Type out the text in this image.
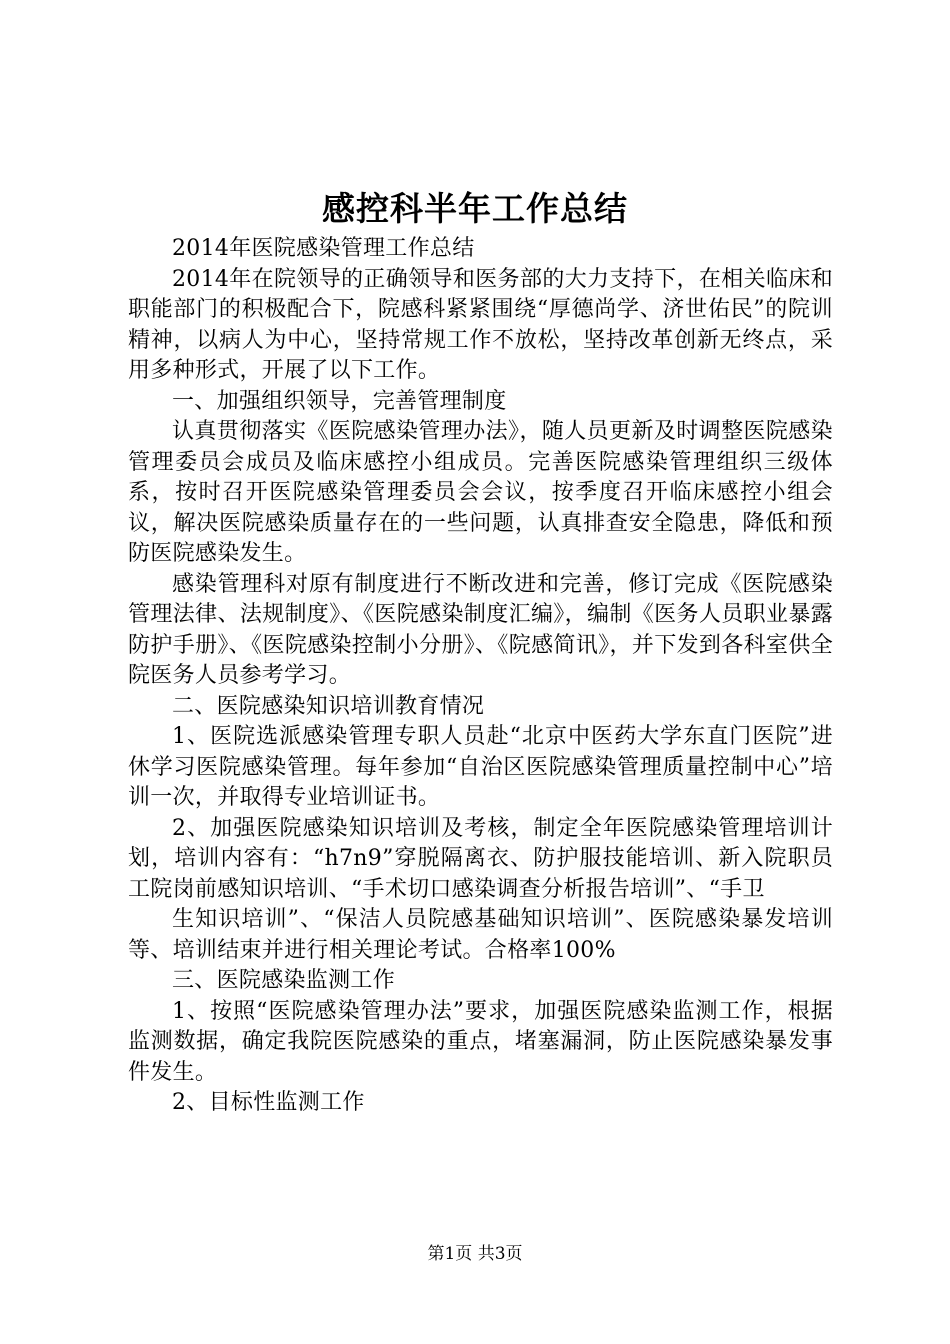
感控科半年工作总结

2014年医院感染管理工作总结

2014年在院领导的正确领导和医务部的大力支持下，在相关临床和职能部门的积极配合下，院感科紧紧围绕“厚德尚学、济世佑民”的院训精神，以病人为中心，坚持常规工作不放松，坚持改革创新无终点，采用多种形式，开展了以下工作。

一、加强组织领导，完善管理制度

认真贯彻落实《医院感染管理办法》，随人员更新及时调整医院感染管理委员会成员及临床感控小组成员。完善医院感染管理组织三级体系，按时召开医院感染管理委员会会议，按季度召开临床感控小组会议，解决医院感染质量存在的一些问题，认真排查安全隐患，降低和预防医院感染发生。

感染管理科对原有制度进行不断改进和完善，修订完成《医院感染管理法律、法规制度》、《医院感染制度汇编》，编制《医务人员职业暴露防护手册》、《医院感染控制小分册》、《院感简讯》，并下发到各科室供全院医务人员参考学习。

二、医院感染知识培训教育情况

1、医院选派感染管理专职人员赴“北京中医药大学东直门医院”进休学习医院感染管理。每年参加“自治区医院感染管理质量控制中心”培训一次，并取得专业培训证书。

2、加强医院感染知识培训及考核，制定全年医院感染管理培训计划，培训内容有：“h7n9”穿脱隔离衣、防护服技能培训、新入院职员工院岗前感知识培训、“手术切口感染调查分析报告培训”、“手卫

生知识培训”、“保洁人员院感基础知识培训”、医院感染暴发培训等、培训结束并进行相关理论考试。合格率100%

三、医院感染监测工作

1、按照“医院感染管理办法”要求，加强医院感染监测工作，根据监测数据，确定我院医院感染的重点，堵塞漏洞，防止医院感染暴发事件发生。

2、目标性监测工作

第1页 共3页
